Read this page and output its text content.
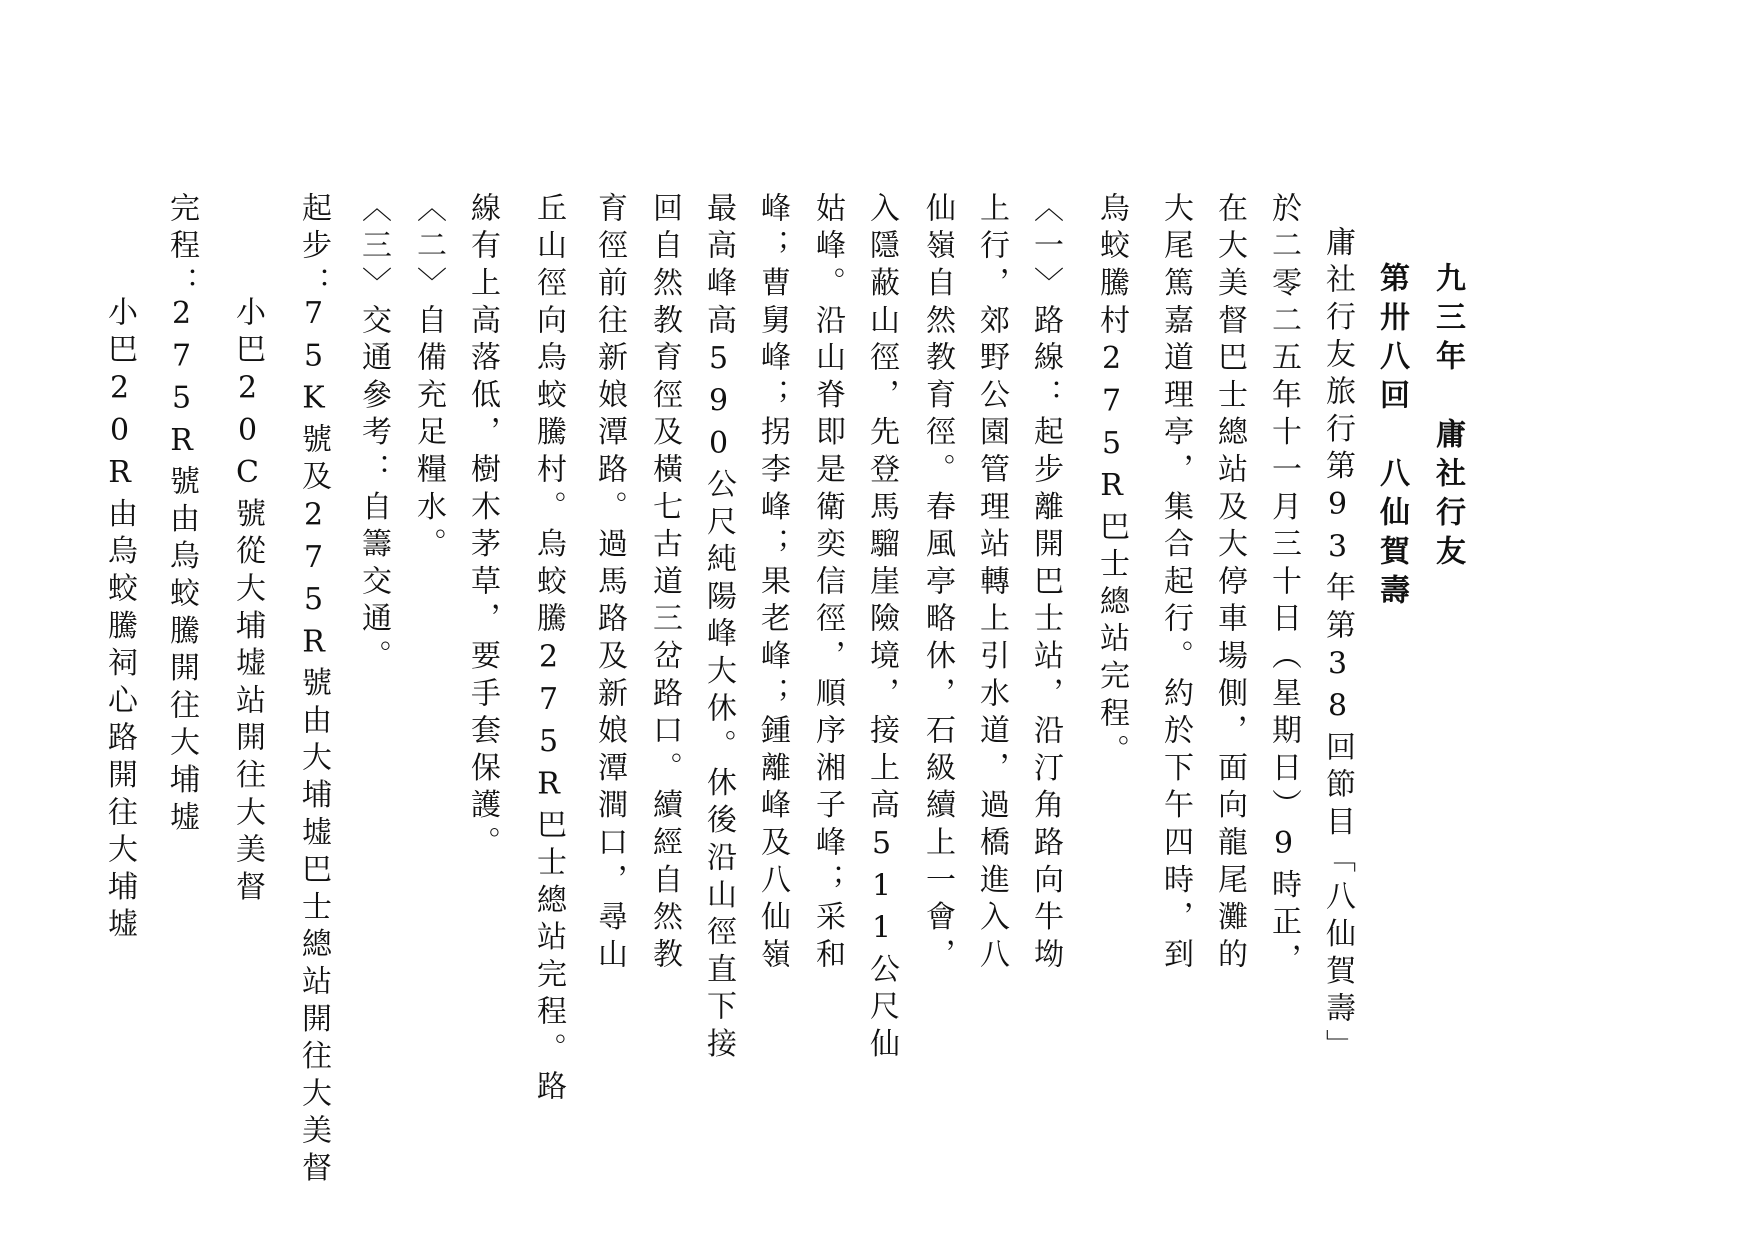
九三年　庸社行友
第卅八回　八仙賀壽
庸社行友旅行第93年第38回節目「八仙賀壽」
於二零二五年十一月三十日（星期日）9時正，
在大美督巴士總站及大停車場側，面向龍尾灘的
大尾篤嘉道理亭，集合起行。約於下午四時，到
烏蛟騰村275R巴士總站完程。
〈一〉路線：起步離開巴士站，沿汀角路向牛坳
上行，郊野公園管理站轉上引水道，過橋進入八
仙嶺自然教育徑。春風亭略休，石級續上一會，
入隱蔽山徑，先登馬騮崖險境，接上高511公尺仙
姑峰。沿山脊即是衛奕信徑，順序湘子峰；采和
峰；曹舅峰；拐李峰；果老峰；鍾離峰及八仙嶺
最高峰高590公尺純陽峰大休。休後沿山徑直下接
回自然教育徑及橫七古道三岔路口。續經自然教
育徑前往新娘潭路。過馬路及新娘潭澗口，尋山
丘山徑向烏蛟騰村。烏蛟騰275R巴士總站完程。路
線有上高落低，樹木茅草，要手套保護。
〈二〉自備充足糧水。
〈三〉交通參考：自籌交通。
起步：
75K號及275R號由大埔墟巴士總站開往大美督
小巴20C號從大埔墟站開往大美督
完程：
275R號由烏蛟騰開往大埔墟
小巴20R由烏蛟騰祠心路開往大埔墟
